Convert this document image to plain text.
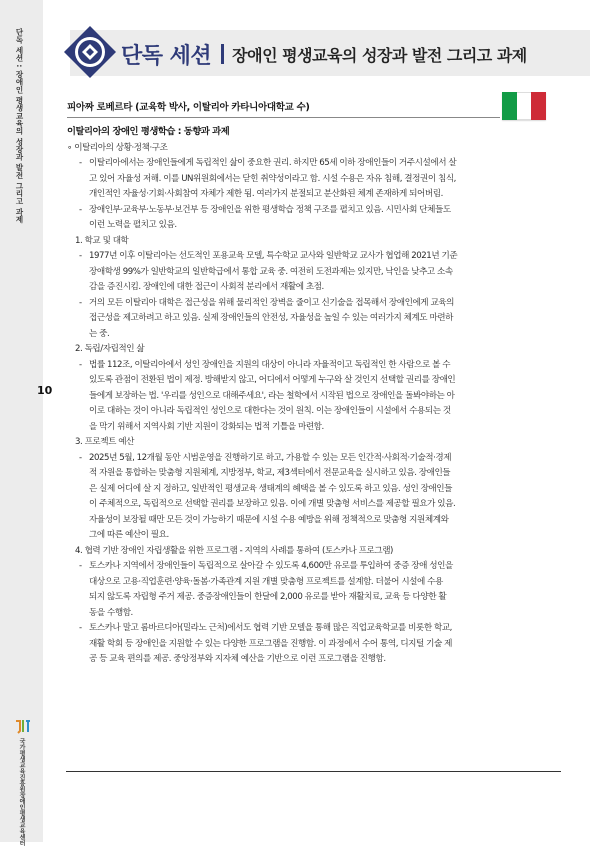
단독 세션 : 장애인 평생교육의 성장과 발전 그리고 과제
10
국가평생교육진흥원장애인평생교육센터
단독 세션 장애인 평생교육의 성장과 발전 그리고 과제
피아짜 로베르타 (교육학 박사, 이탈리아 카타니아대학교 수)
이탈리아의 장애인 평생학습 : 동향과 과제
∘ 이탈리아의 상황·정책·구조
- 이탈리아에서는 장애인들에게 독립적인 삶이 중요한 권리. 하지만 65세 이하 장애인들이 거주시설에서 살
고 있어 자율성 저해. 이를 UN위원회에서는 닫힌 취약성이라고 함. 시설 수용은 자유 침해, 결정권이 침식,
개인적인 자율성·기회·사회참여 자체가 제한 됨. 여러가지 분절되고 분산화된 체계 존재하게 되어버림.
- 장애인부·교육부·노동부·보건부 등 장애인을 위한 평생학습 정책 구조를 펼치고 있음. 시민사회 단체들도
이런 노력을 펼치고 있음.
1. 학교 및 대학
- 1977년 이후 이탈리아는 선도적인 포용교육 모델, 특수학교 교사와 일반학교 교사가 협업해 2021년 기준
장애학생 99%가 일반학교의 일반학급에서 통합 교육 중. 여전히 도전과제는 있지만, 낙인을 낮추고 소속
감을 증진시킴. 장애인에 대한 접근이 사회적 분리에서 재활에 초점.
- 거의 모든 이탈리아 대학은 접근성을 위해 물리적인 장벽을 줄이고 신기술을 접목해서 장애인에게 교육의
접근성을 제고하려고 하고 있음. 실제 장애인들의 안전성, 자율성을 높일 수 있는 여러가지 체계도 마련하
는 중.
2. 독립/자립적인 삶
- 법률 112조, 이탈리아에서 성인 장애인을 지원의 대상이 아니라 자율적이고 독립적인 한 사람으로 볼 수
있도록 관점이 전환된 법이 제정. 방해받지 않고, 어디에서 어떻게 누구와 살 것인지 선택할 권리를 장애인
들에게 보장하는 법. '우리를 성인으로 대해주세요', 라는 철학에서 시작된 법으로 장애인을 돌봐야하는 아
이로 대하는 것이 아니라 독립적인 성인으로 대한다는 것이 원칙. 이는 장애인들이 시설에서 수용되는 것
을 막기 위해서 지역사회 기반 지원이 강화되는 법적 기틀을 마련함.
3. 프로젝트 예산
- 2025년 5월, 12개월 동안 시범운영을 진행하기로 하고, 가용할 수 있는 모든 인간적·사회적·기술적·경제
적 자원을 통합하는 맞춤형 지원체계, 지방정부, 학교, 제3섹터에서 전문교육을 실시하고 있음. 장애인들
은 실제 어디에 살 지 정하고, 일반적인 평생교육 생태계의 혜택을 볼 수 있도록 하고 있음. 성인 장애인들
이 주체적으로, 독립적으로 선택할 권리를 보장하고 있음. 이에 개별 맞춤형 서비스를 제공할 필요가 있음.
자율성이 보장될 때만 모든 것이 가능하기 때문에 시설 수용 예방을 위해 정책적으로 맞춤형 지원체계와
그에 따른 예산이 필요.
4. 협력 기반 장애인 자립생활을 위한 프로그램 - 지역의 사례를 통하여 (토스카나 프로그램)
- 토스카나 지역에서 장애인들이 독립적으로 살아갈 수 있도록 4,600만 유로를 투입하여 중증 장애 성인을
대상으로 고용·직업훈련·양육·돌봄·가족관계 지원 개별 맞춤형 프로젝트를 설계함. 더불어 시설에 수용
되지 않도록 자립형 주거 제공. 중증장애인들이 한달에 2,000 유로를 받아 재활치료, 교육 등 다양한 활
동을 수행함.
- 토스카나 말고 롬바르디아(밀라노 근처)에서도 협력 기반 모델을 통해 많은 직업교육학교를 비롯한 학교,
재활 학회 등 장애인을 지원할 수 있는 다양한 프로그램을 진행함. 이 과정에서 수어 통역, 디지털 기술 제
공 등 교육 편의를 제공. 중앙정부와 지자체 예산을 기반으로 이런 프로그램을 진행함.
